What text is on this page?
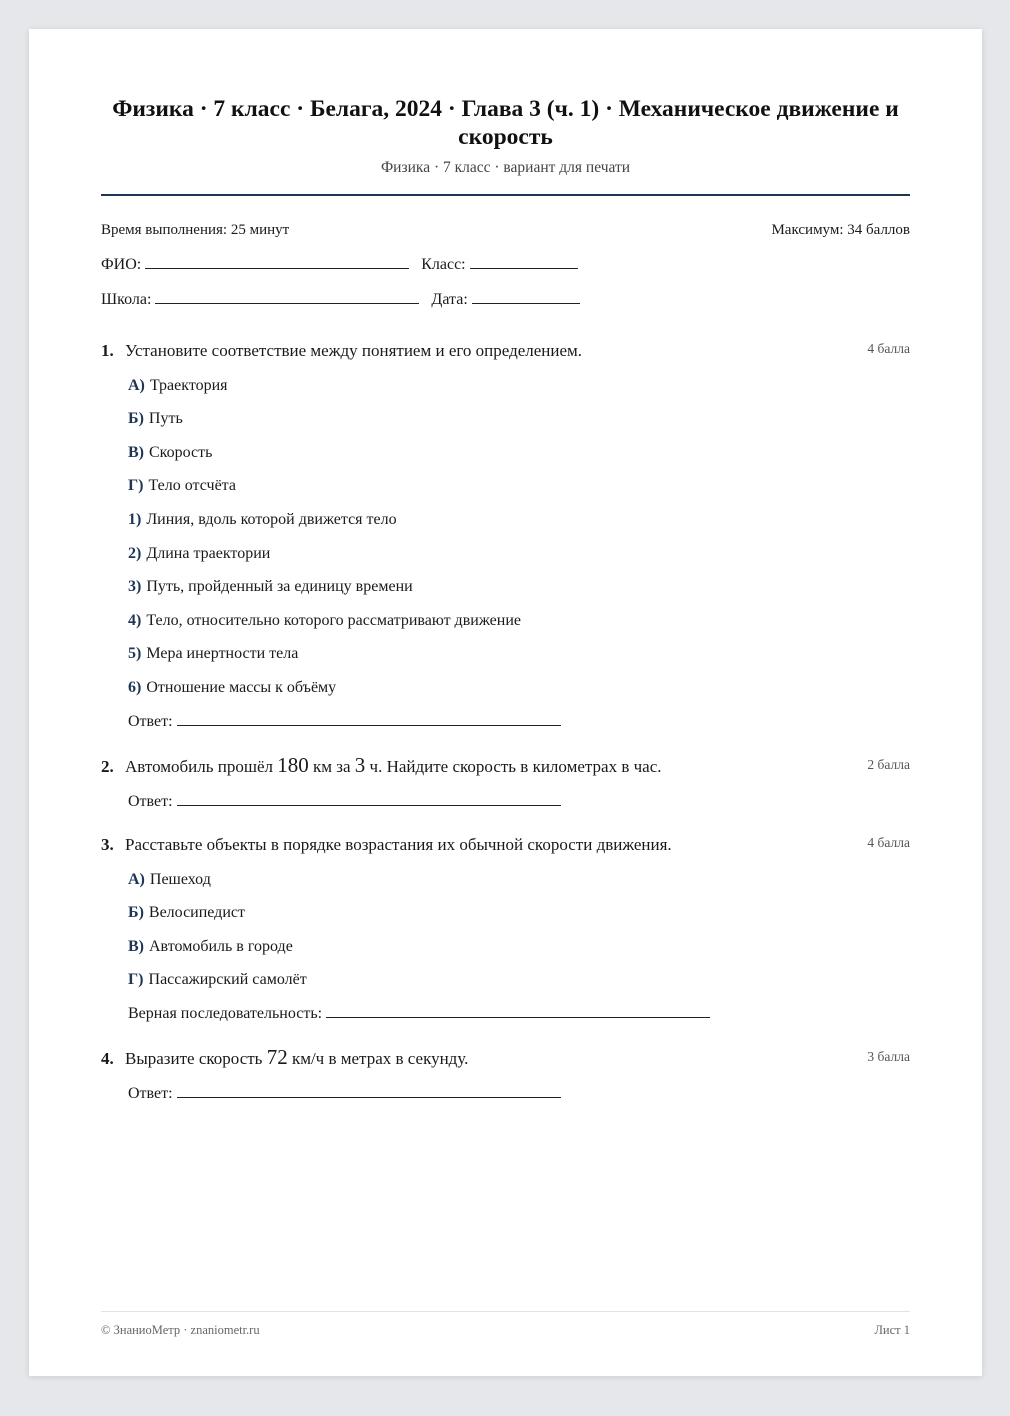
Физика · 7 класс · Белага, 2024 · Глава 3 (ч. 1) · Механическое движение и скорость
Физика · 7 класс · вариант для печати
Время выполнения: 25 минут	Максимум: 34 баллов
ФИО:	Класс:
Школа:	Дата:
1. Установите соответствие между понятием и его определением.	4 балла
А) Траектория
Б) Путь
В) Скорость
Г) Тело отсчёта
1) Линия, вдоль которой движется тело
2) Длина траектории
3) Путь, пройденный за единицу времени
4) Тело, относительно которого рассматривают движение
5) Мера инертности тела
6) Отношение массы к объёму
Ответ:
2. Автомобиль прошёл 180 км за 3 ч. Найдите скорость в километрах в час.	2 балла
Ответ:
3. Расставьте объекты в порядке возрастания их обычной скорости движения.	4 балла
А) Пешеход
Б) Велосипедист
В) Автомобиль в городе
Г) Пассажирский самолёт
Верная последовательность:
4. Выразите скорость 72 км/ч в метрах в секунду.	3 балла
Ответ:
© ЗнаниоМетр · znaniometr.ru	Лист 1
